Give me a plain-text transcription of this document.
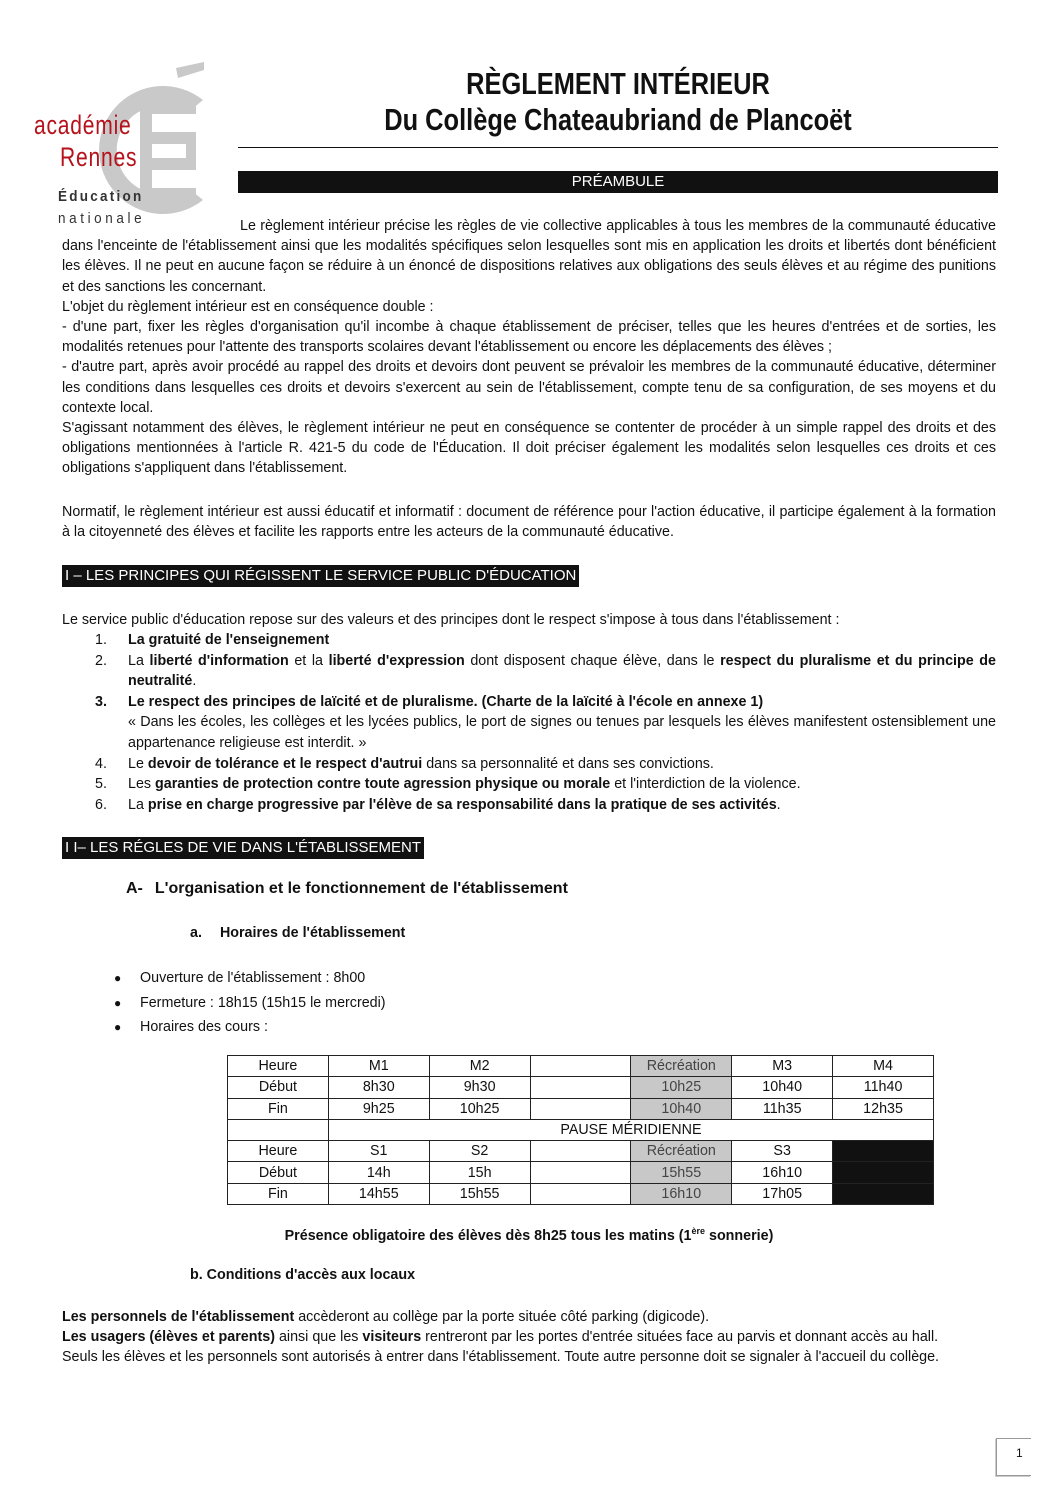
académie
Rennes
Éducation
nationale
RÈGLEMENT INTÉRIEUR
Du Collège Chateaubriand de Plancoët
PRÉAMBULE

Le règlement intérieur précise les règles de vie collective applicables à tous les membres de la communauté éducative dans l'enceinte de l'établissement ainsi que les modalités spécifiques selon lesquelles sont mis en application les droits et libertés dont bénéficient les élèves. Il ne peut en aucune façon se réduire à un énoncé de dispositions relatives aux obligations des seuls élèves et au régime des punitions et des sanctions les concernant.

L'objet du règlement intérieur est en conséquence double :

- d'une part, fixer les règles d'organisation qu'il incombe à chaque établissement de préciser, telles que les heures d'entrées et de sorties, les modalités retenues pour l'attente des transports scolaires devant l'établissement ou encore les déplacements des élèves ;

- d'autre part, après avoir procédé au rappel des droits et devoirs dont peuvent se prévaloir les membres de la communauté éducative, déterminer les conditions dans lesquelles ces droits et devoirs s'exercent au sein de l'établissement, compte tenu de sa configuration, de ses moyens et du contexte local.

S'agissant notamment des élèves, le règlement intérieur ne peut en conséquence se contenter de procéder à un simple rappel des droits et des obligations mentionnées à l'article R. 421-5 du code de l'Éducation. Il doit préciser également les modalités selon lesquelles ces droits et ces obligations s'appliquent dans l'établissement.

Normatif, le règlement intérieur est aussi éducatif et informatif : document de référence pour l'action éducative, il participe également à la formation à la citoyenneté des élèves et facilite les rapports entre les acteurs de la communauté éducative.
I – LES PRINCIPES QUI RÉGISSENT LE SERVICE PUBLIC D'ÉDUCATION
Le service public d'éducation repose sur des valeurs et des principes dont le respect s'impose à tous dans l'établissement :
1. La gratuité de l'enseignement
2. La liberté d'information et la liberté d'expression dont disposent chaque élève, dans le respect du pluralisme et du principe de neutralité.
3. Le respect des principes de laïcité et de pluralisme. (Charte de la laïcité à l'école en annexe 1)
« Dans les écoles, les collèges et les lycées publics, le port de signes ou tenues par lesquels les élèves manifestent ostensiblement une appartenance religieuse est interdit. »
4. Le devoir de tolérance et le respect d'autrui dans sa personnalité et dans ses convictions.
5. Les garanties de protection contre toute agression physique ou morale et l'interdiction de la violence.
6. La prise en charge progressive par l'élève de sa responsabilité dans la pratique de ses activités.
I I– LES RÉGLES DE VIE DANS L'ÉTABLISSEMENT
A- L'organisation et le fonctionnement de l'établissement
a. Horaires de l'établissement
● Ouverture de l'établissement : 8h00
● Fermeture : 18h15 (15h15 le mercredi)
● Horaires des cours :
Heure	M1	M2		Récréation	M3	M4
Début	8h30	9h30		10h25	10h40	11h40
Fin	9h25	10h25		10h40	11h35	12h35
	PAUSE MÉRIDIENNE					
Heure	S1	S2		Récréation	S3	
Début	14h	15h		15h55	16h10	
Fin	14h55	15h55		16h10	17h05	
Présence obligatoire des élèves dès 8h25 tous les matins (1ère sonnerie)
b. Conditions d'accès aux locaux

Les personnels de l'établissement accèderont au collège par la porte située côté parking (digicode).

Les usagers (élèves et parents) ainsi que les visiteurs rentreront par les portes d'entrée situées face au parvis et donnant accès au hall.

Seuls les élèves et les personnels sont autorisés à entrer dans l'établissement. Toute autre personne doit se signaler à l'accueil du collège.

1
